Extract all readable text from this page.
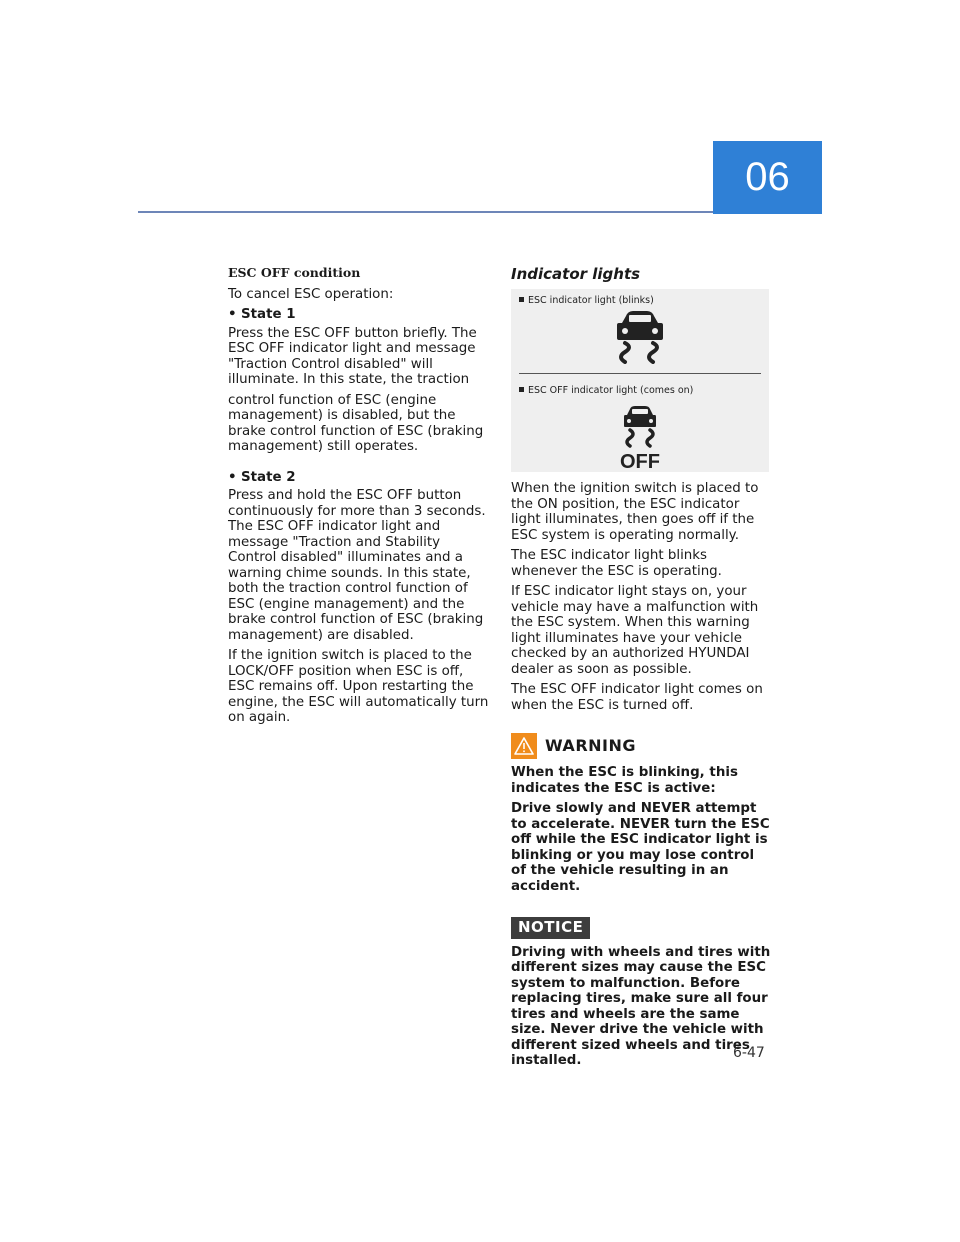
06
ESC OFF condition

To cancel ESC operation:

• State 1

Press the ESC OFF button briefly. The ESC OFF indicator light and message "Traction Control disabled" will illuminate. In this state, the traction

control function of ESC (engine management) is disabled, but the brake control function of ESC (braking management) still operates.

• State 2

Press and hold the ESC OFF button continuously for more than 3 seconds. The ESC OFF indicator light and message "Traction and Stability Control disabled" illuminates and a warning chime sounds. In this state, both the traction control function of ESC (engine management) and the brake control function of ESC (braking management) are disabled.

If the ignition switch is placed to the LOCK/OFF position when ESC is off, ESC remains off. Upon restarting the engine, the ESC will automatically turn on again.

Indicator lights
ESC indicator light (blinks)
ESC OFF indicator light (comes on)
OFF

When the ignition switch is placed to the ON position, the ESC indicator light illuminates, then goes off if the ESC system is operating normally.

The ESC indicator light blinks whenever the ESC is operating.

If ESC indicator light stays on, your vehicle may have a malfunction with the ESC system. When this warning light illuminates have your vehicle checked by an authorized HYUNDAI dealer as soon as possible.

The ESC OFF indicator light comes on when the ESC is turned off.

WARNING

When the ESC is blinking, this indicates the ESC is active:

Drive slowly and NEVER attempt to accelerate. NEVER turn the ESC off while the ESC indicator light is blinking or you may lose control of the vehicle resulting in an accident.

NOTICE

Driving with wheels and tires with different sizes may cause the ESC system to malfunction. Before replacing tires, make sure all four tires and wheels are the same size. Never drive the vehicle with different sized wheels and tires installed.	6-47
